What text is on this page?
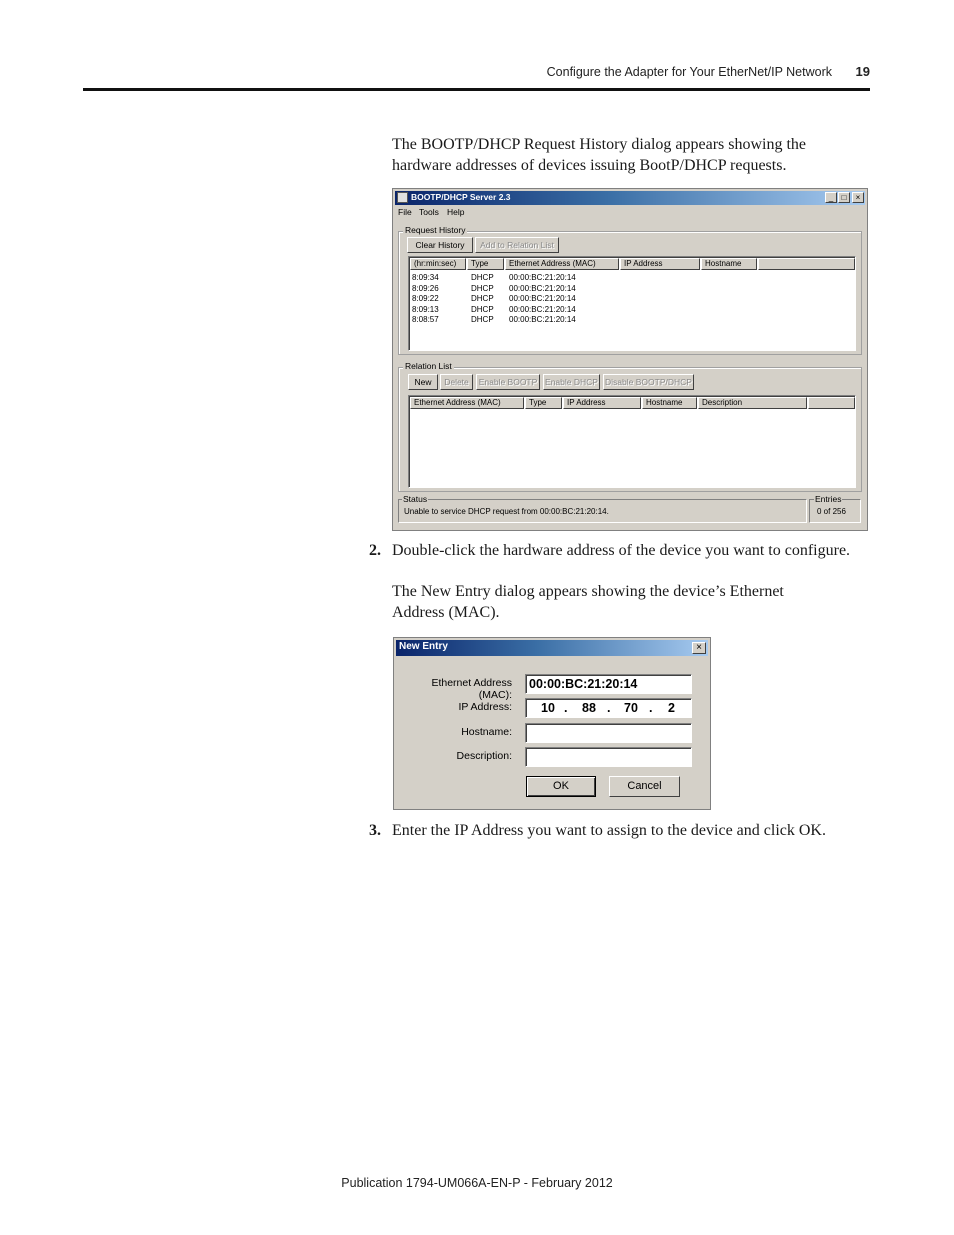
Configure the Adapter for Your EtherNet/IP Network	19
The BOOTP/DHCP Request History dialog appears showing the hardware addresses of devices issuing BootP/DHCP requests.
BOOTP/DHCP Server 2.3	_	□	×
File Tools Help
Request History
Clear History	Add to Relation List
(hr:min:sec)	Type	Ethernet Address (MAC)	IP Address	Hostname
8:09:34	DHCP 00:00:BC:21:20:14
8:09:26	DHCP 00:00:BC:21:20:14
8:09:22	DHCP 00:00:BC:21:20:14
8:09:13	DHCP 00:00:BC:21:20:14
8:08:57	DHCP 00:00:BC:21:20:14
Relation List
New	Delete	Enable BOOTP Enable DHCP Disable BOOTP/DHCP
Ethernet Address (MAC)	Type	IP Address	Hostname	Description
Status
Unable to service DHCP request from 00:00:BC:21:20:14.
Entries
0 of 256
2. Double-click the hardware address of the device you want to configure.
The New Entry dialog appears showing the device’s Ethernet Address (MAC).
New Entry	×
Ethernet Address (MAC):
00:00:BC:21:20:14
IP Address: 10 . 88 . 70 . 2
Hostname:
Description:
OK	Cancel
3. Enter the IP Address you want to assign to the device and click OK.
Publication 1794-UM066A-EN-P - February 2012
